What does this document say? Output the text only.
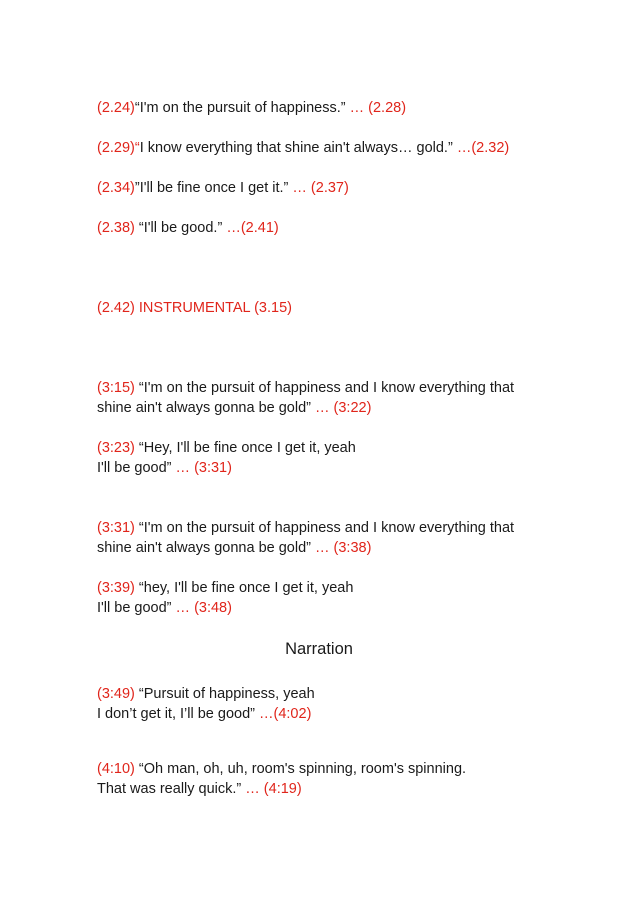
(2.24)“I'm on the pursuit of happiness.” … (2.28)
(2.29)“I know everything that shine ain't always… gold.” …(2.32)
(2.34)”I'll be fine once I get it.” … (2.37)
(2.38) “I'll be good.” …(2.41)
(2.42) INSTRUMENTAL (3.15)
(3:15) “I'm on the pursuit of happiness and I know everything that
shine ain't always gonna be gold” … (3:22)
(3:23) “Hey, I'll be fine once I get it, yeah
I'll be good” … (3:31)
(3:31) “I'm on the pursuit of happiness and I know everything that
shine ain't always gonna be gold” … (3:38)
(3:39) “hey, I'll be fine once I get it, yeah
I'll be good” … (3:48)
Narration
(3:49) “Pursuit of happiness, yeah
I don’t get it, I’ll be good” …(4:02)
(4:10) “Oh man, oh, uh, room's spinning, room's spinning.
That was really quick.” … (4:19)
